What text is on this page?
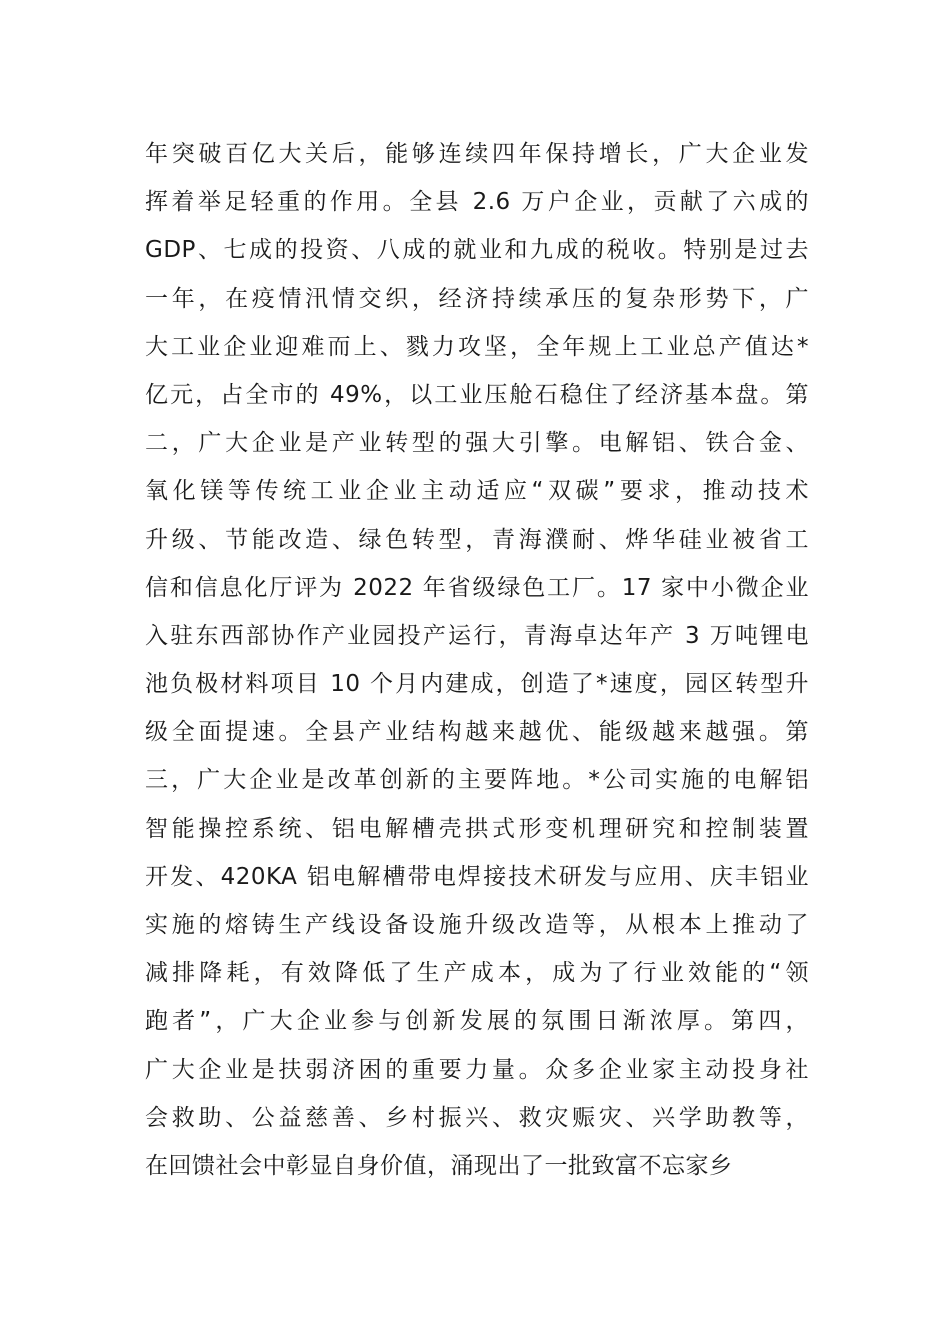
年突破百亿大关后，能够连续四年保持增长，广大企业发
挥着举足轻重的作用。全县 2.6 万户企业，贡献了六成的
GDP、七成的投资、八成的就业和九成的税收。特别是过去
一年，在疫情汛情交织，经济持续承压的复杂形势下，广
大工业企业迎难而上、戮力攻坚，全年规上工业总产值达*
亿元，占全市的 49%，以工业压舱石稳住了经济基本盘。第
二，广大企业是产业转型的强大引擎。电解铝、铁合金、
氧化镁等传统工业企业主动适应“双碳”要求，推动技术
升级、节能改造、绿色转型，青海濮耐、烨华硅业被省工
信和信息化厅评为 2022 年省级绿色工厂。17 家中小微企业
入驻东西部协作产业园投产运行，青海卓达年产 3 万吨锂电
池负极材料项目 10 个月内建成，创造了*速度，园区转型升
级全面提速。全县产业结构越来越优、能级越来越强。第
三，广大企业是改革创新的主要阵地。*公司实施的电解铝
智能操控系统、铝电解槽壳拱式形变机理研究和控制装置
开发、420KA 铝电解槽带电焊接技术研发与应用、庆丰铝业
实施的熔铸生产线设备设施升级改造等，从根本上推动了
减排降耗，有效降低了生产成本，成为了行业效能的“领
跑者”，广大企业参与创新发展的氛围日渐浓厚。第四，
广大企业是扶弱济困的重要力量。众多企业家主动投身社
会救助、公益慈善、乡村振兴、救灾赈灾、兴学助教等，
在回馈社会中彰显自身价值，涌现出了一批致富不忘家乡
